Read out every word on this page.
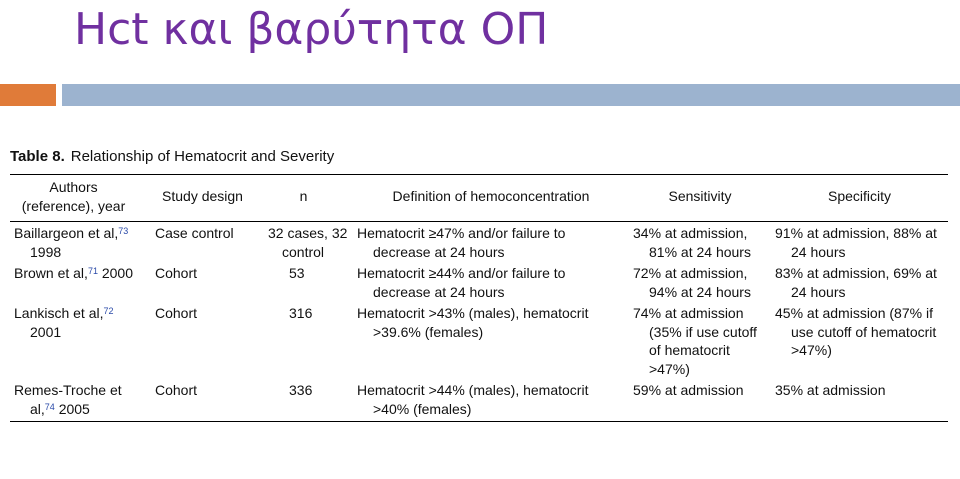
Hct και βαρύτητα ΟΠ
Table 8. Relationship of Hematocrit and Severity
Authors (reference), year	Study design	n	Definition of hemoconcentration	Sensitivity	Specificity

Baillargeon et al,$^{73}$ 1998	Case control	32 cases, 32 control	Hematocrit ≥47% and/or failure to decrease at 24 hours	34% at admission, 81% at 24 hours	91% at admission, 88% at 24 hours

Brown et al,$^{71}$ 2000	Cohort	53	Hematocrit ≥44% and/or failure to decrease at 24 hours	72% at admission, 94% at 24 hours	83% at admission, 69% at 24 hours

Lankisch et al,$^{72}$ 2001	Cohort	316	Hematocrit >43% (males), hematocrit >39.6% (females)	74% at admission (35% if use cutoff of hematocrit >47%)	45% at admission (87% if use cutoff of hematocrit >47%)

Remes-Troche et al,$^{74}$ 2005	Cohort	336	Hematocrit >44% (males), hematocrit >40% (females)	59% at admission	35% at admission
